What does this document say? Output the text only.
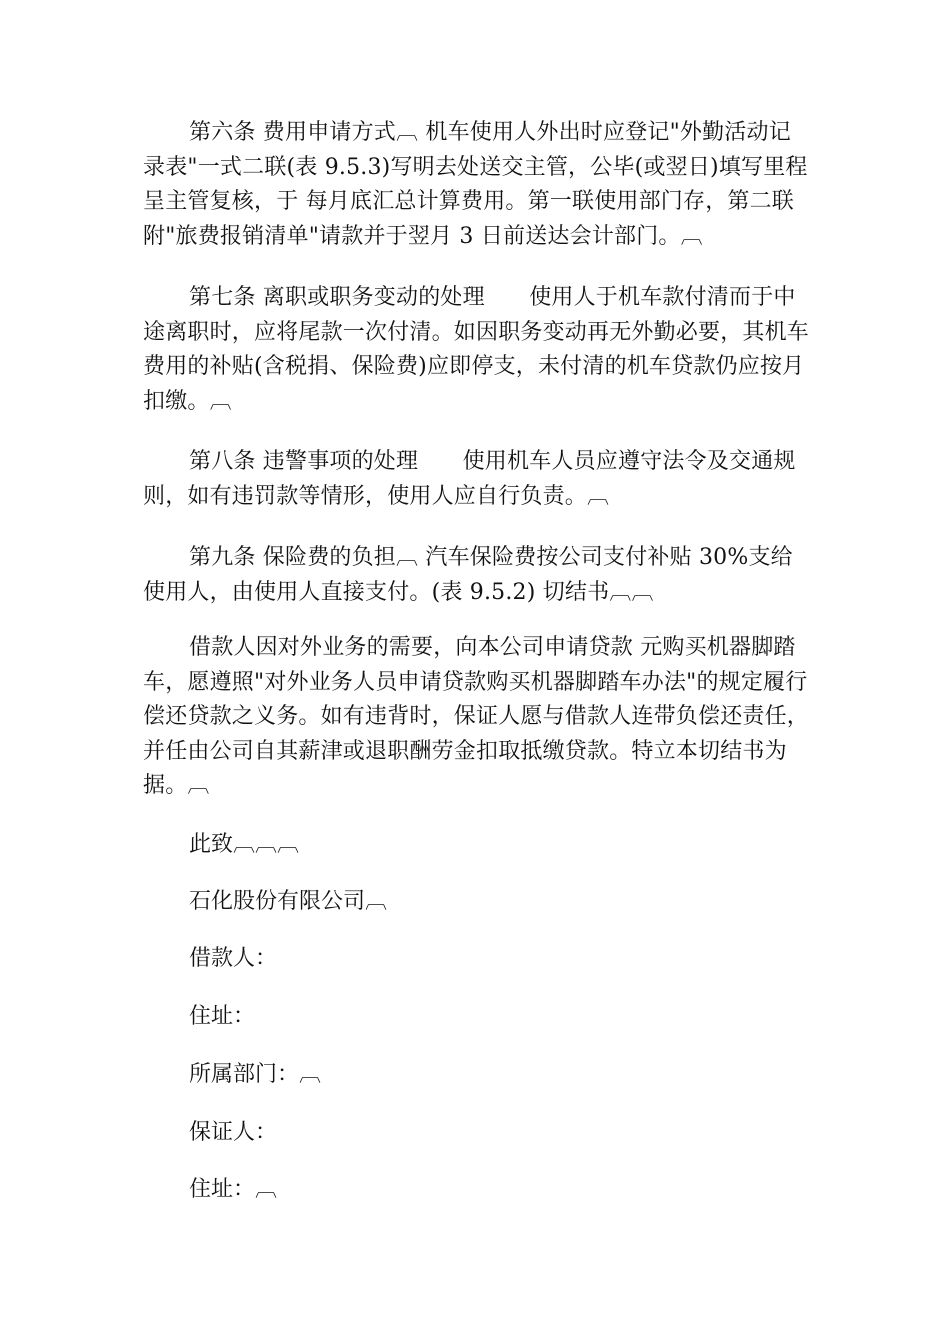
第六条 费用申请方式︹ 机车使用人外出时应登记"外勤活动记录表"一式二联(表 9.5.3)写明去处送交主管，公毕(或翌日)填写里程呈主管复核，于 每月底汇总计算费用。第一联使用部门存，第二联附"旅费报销清单"请款并于翌月 3 日前送达会计部门。︹

第七条 离职或职务变动的处理　　使用人于机车款付清而于中途离职时，应将尾款一次付清。如因职务变动再无外勤必要，其机车费用的补贴(含税捐、保险费)应即停支，未付清的机车贷款仍应按月扣缴。︹

第八条 违警事项的处理　　使用机车人员应遵守法令及交通规则，如有违罚款等情形，使用人应自行负责。︹

第九条 保险费的负担︹ 汽车保险费按公司支付补贴 30%支给使用人，由使用人直接支付。(表 9.5.2) 切结书︹︹

借款人因对外业务的需要，向本公司申请贷款 元购买机器脚踏车，愿遵照"对外业务人员申请贷款购买机器脚踏车办法"的规定履行偿还贷款之义务。如有违背时，保证人愿与借款人连带负偿还责任，并任由公司自其薪津或退职酬劳金扣取抵缴贷款。特立本切结书为据。︹

此致︹︹︹

石化股份有限公司︹

借款人：

住址：

所属部门：︹

保证人：

住址：︹
